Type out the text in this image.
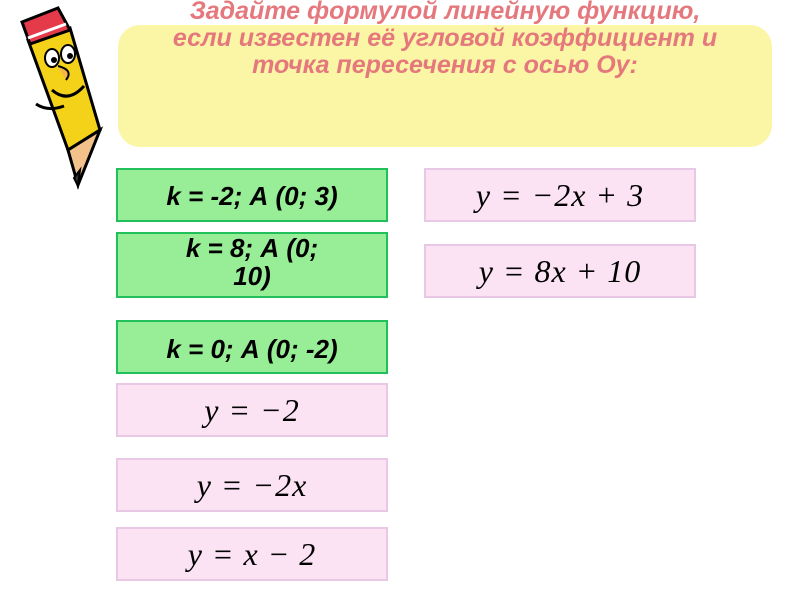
Задайте формулой линейную функцию,
если известен её угловой коэффициент и
точка пересечения с осью Оу:

k = -2; А (0; 3)
k = 8; А (0; 10)
k = 0; А (0; -2)
y = −2x + 3
y = 8x + 10
y = −2
y = −2x
y = x − 2
